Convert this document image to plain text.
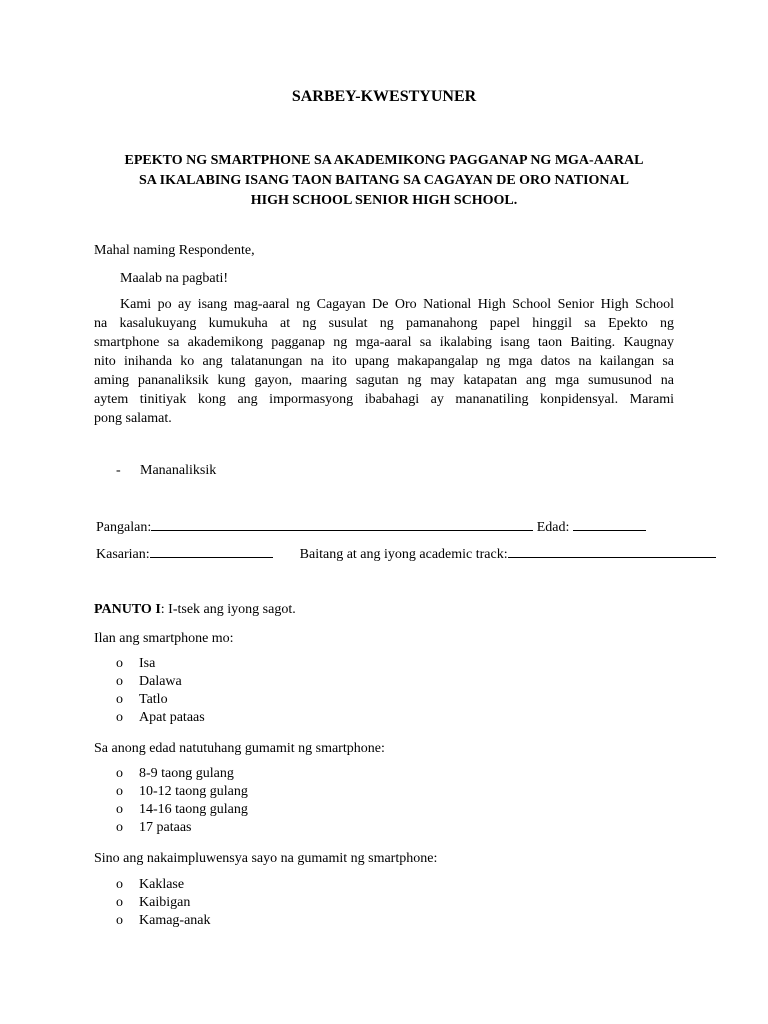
SARBEY-KWESTYUNER
EPEKTO NG SMARTPHONE SA AKADEMIKONG PAGGANAP NG MGA-AARAL
SA IKALABING ISANG TAON BAITANG SA CAGAYAN DE ORO NATIONAL
HIGH SCHOOL SENIOR HIGH SCHOOL.
Mahal naming Respondente,
Maalab na pagbati!
Kami po ay isang mag-aaral ng Cagayan De Oro National High School Senior High School
na kasalukuyang kumukuha at ng susulat ng pamanahong papel hinggil sa Epekto ng
smartphone sa akademikong pagganap ng mga-aaral sa ikalabing isang taon Baiting. Kaugnay
nito inihanda ko ang talatanungan na ito upang makapangalap ng mga datos na kailangan sa
aming pananaliksik kung gayon, maaring sagutan ng may katapatan ang mga sumusunod na
aytem tinitiyak kong ang impormasyong ibabahagi ay mananatiling konpidensyal. Marami
pong salamat.
- Mananaliksik
Pangalan:	Edad:
Kasarian:	Baitang at ang iyong academic track:
PANUTO I: I-tsek ang iyong sagot.
Ilan ang smartphone mo:
o Isa
o Dalawa
o Tatlo
o Apat pataas
Sa anong edad natutuhang gumamit ng smartphone:
o 8-9 taong gulang
o 10-12 taong gulang
o 14-16 taong gulang
o 17 pataas
Sino ang nakaimpluwensya sayo na gumamit ng smartphone:
o Kaklase
o Kaibigan
o Kamag-anak
